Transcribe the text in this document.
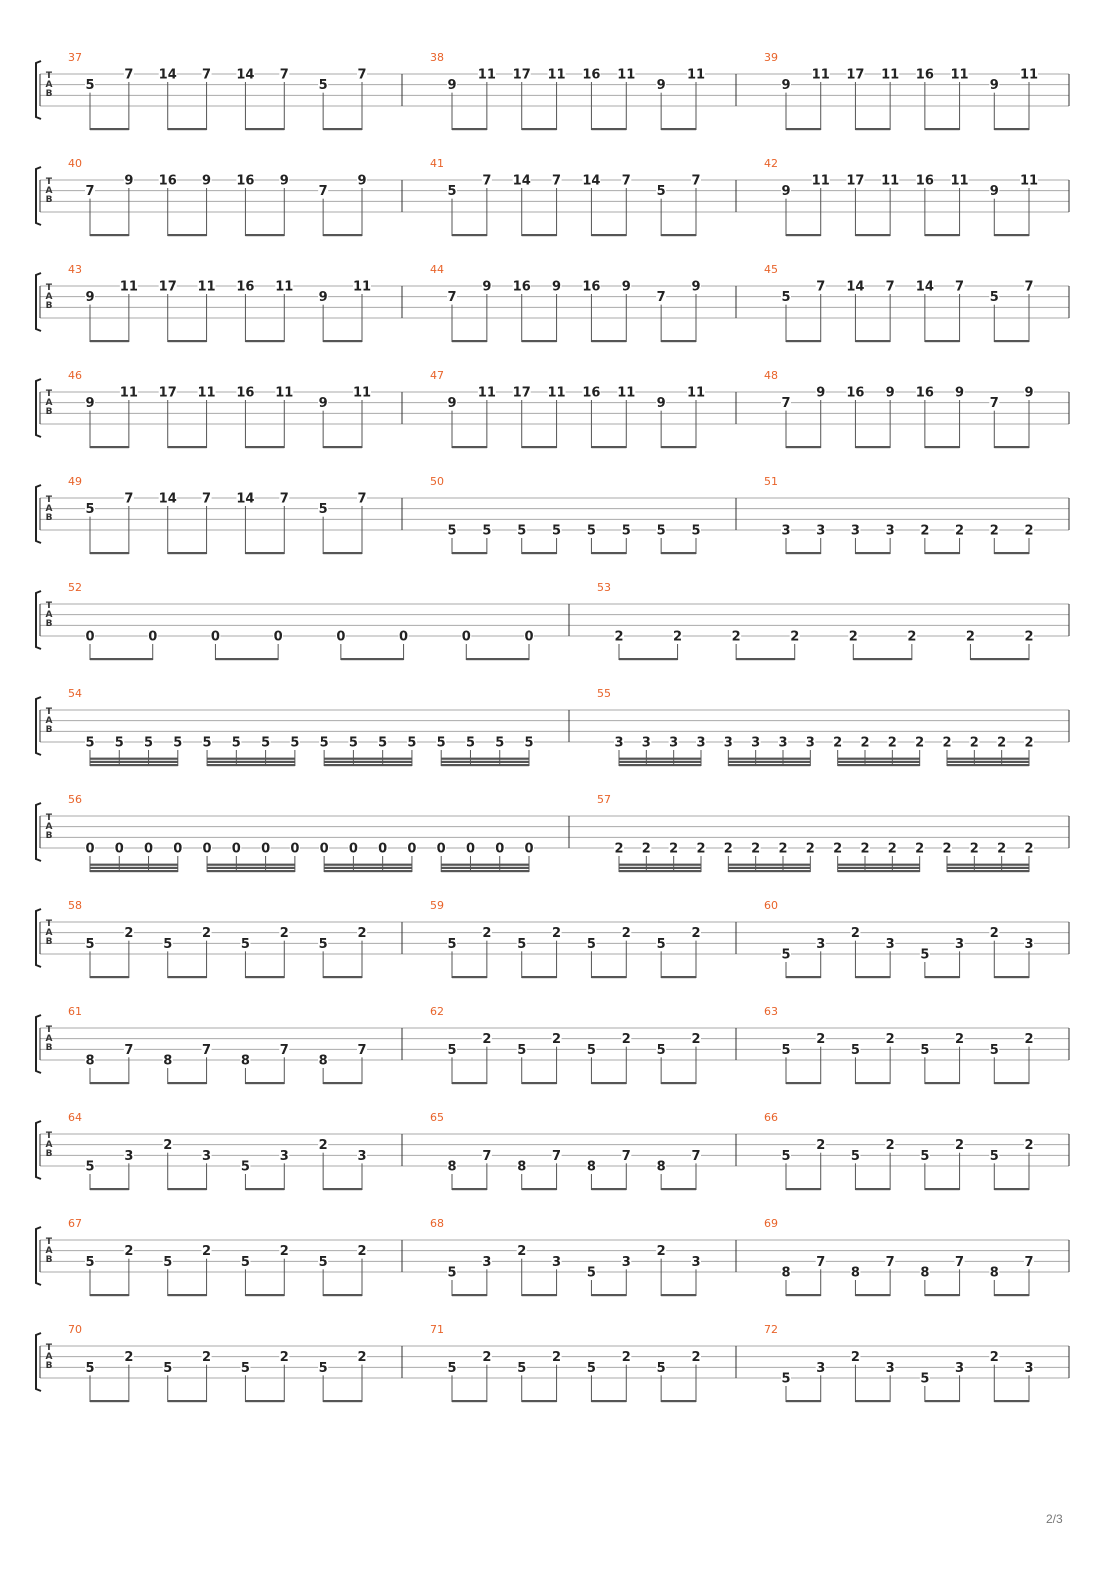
T
A
B
37
5
7 14 7 14 7
5
7
38
9
11 17 11 16 11
9
11
39
9
11 17 11 16 11
9
11
T
A
B
40
7
9 16 9 16 9
7
9
41
5
7 14 7 14 7
5
7
42
9
11 17 11 16 11
9
11
T
A
B
43
9
11 17 11 16 11
9
11
44
7
9 16 9 16 9
7
9
45
5
7 14 7 14 7
5
7
T
A
B
46
9
11 17 11 16 11
9
11
47
9
11 17 11 16 11
9
11
48
7
9 16 9 16 9
7
9
T
A
B
49
5
7 14 7 14 7
5
7
50
5 5 5 5 5 5 5 5
51
3 3 3 3 2 2 2 2
T
A
B
52
0	0	0	0	0	0	0	0
53
2	2	2	2	2	2	2	2
T
A
B
54
5 5 5 5 5 5 5 5 5 5 5 5 5 5 5 5
55
3 3 3 3 3 3 3 3 2 2 2 2 2 2 2 2
T
A
B
56
0 0 0 0 0 0 0 0 0 0 0 0 0 0 0 0
57
2 2 2 2 2 2 2 2 2 2 2 2 2 2 2 2
T
A
B
58
5
2
5
2
5
2
5
2
59
5
2
5
2
5
2
5
2
60
5
3
2
3
5
3
2
3
T
A
B
61
8
7
8
7
8
7
8
7
62
5
2
5
2
5
2
5
2
63
5
2
5
2
5
2
5
2
T
A
B
64
5
3
2
3
5
3
2
3
65
8
7
8
7
8
7
8
7
66
5
2
5
2
5
2
5
2
T
A
B
67
5
2
5
2
5
2
5
2
68
5
3
2
3
5
3
2
3
69
8
7
8
7
8
7
8
7
T
A
B
70
5
2
5
2
5
2
5
2
71
5
2
5
2
5
2
5
2
72
5
3
2
3
5
3
2
3
2/3
